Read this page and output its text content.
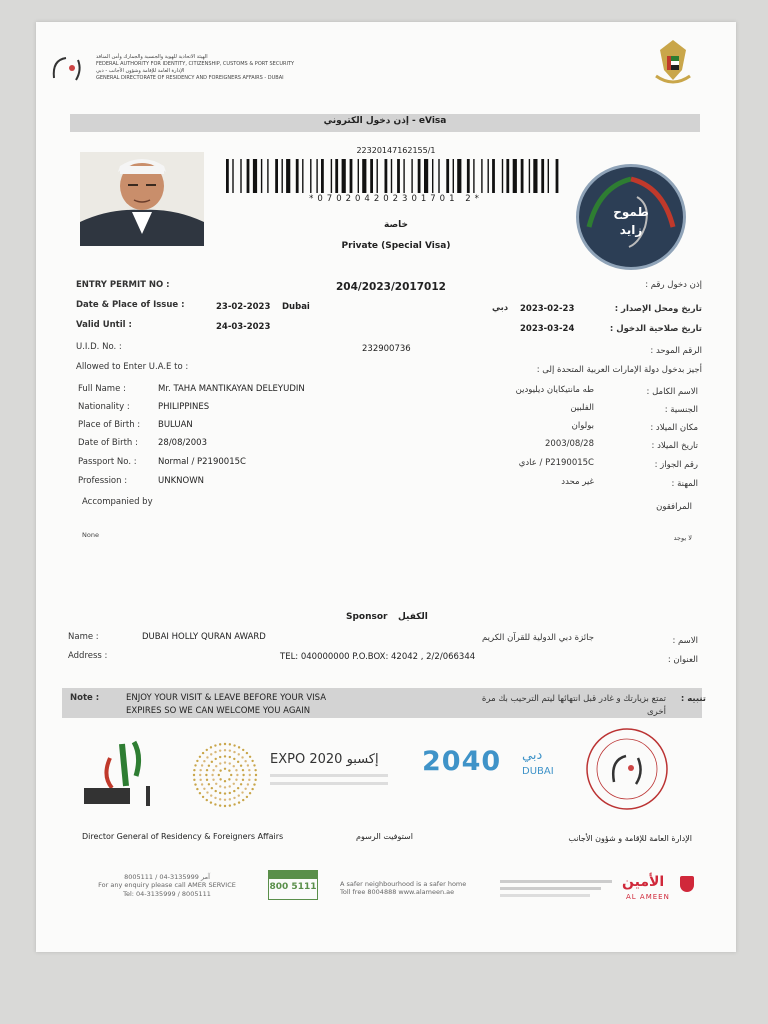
الهيئة الاتحادية للهوية والجنسية والجمارك وأمن المنافذ
FEDERAL AUTHORITY FOR IDENTITY, CITIZENSHIP, CUSTOMS & PORT SECURITY
الإدارة العامة للإقامة وشؤون الأجانب - دبي
GENERAL DIRECTORATE OF RESIDENCY AND FOREIGNERS AFFAIRS - DUBAI
إذن دخول الكتروني - eVisa
22320147162155/1
*070204202301701 2*
طموح
زايد
خاصة
Private (Special Visa)
ENTRY PERMIT NO :	204/2023/2017012	إذن دخول رقم :
Date & Place of Issue :	23-02-2023 Dubai	دبي 2023-02-23	تاريخ ومحل الإصدار :
Valid Until :	24-03-2023	2023-03-24	تاريخ صلاحية الدخول :
U.I.D. No. :	232900736	الرقم الموحد :
Allowed to Enter U.A.E to :	أجيز بدخول دولة الإمارات العربية المتحدة إلى :
Accompanied by	المرافقون
None	لا يوجد
Sponsor الكفيل
Name :	DUBAI HOLLY QURAN AWARD	جائزة دبي الدولية للقرآن الكريم	الاسم :
Address :	TEL: 040000000 P.O.BOX: 42042 , 2/2/066344	العنوان :
Note :	ENJOY YOUR VISIT & LEAVE BEFORE YOUR VISA
EXPIRES SO WE CAN WELCOME YOU AGAIN
تمتع بزيارتك و غادر قبل انتهائها ليتم الترحيب بك مرة
أخرى
تنبيه :
EXPO 2020 إكسبو 2040 دبي
DUBAI
Director General of Residency & Foreigners Affairs	استوفيت الرسوم	الإدارة العامة للإقامة و شؤون الأجانب
8005111 / 04-3135999 آمر
For any enquiry please call AMER SERVICE
Tel: 04-3135999 / 8005111
800 5111	A safer neighbourhood is a safer home
Toll free 8004888 www.alameen.ae
الأمين
AL AMEEN
Full Name :	Mr. TAHA MANTIKAYAN DELEYUDIN	طه مانتيكايان ديليودين	الاسم الكامل :
Nationality :	PHILIPPINES	الفلبين	الجنسية :
Place of Birth : BULUAN	بولوان	مكان الميلاد :
Date of Birth : 28/08/2003	2003/08/28	تاريخ الميلاد :
Passport No. :	Normal / P2190015C	P2190015C / عادي	رقم الجواز :
Profession :	UNKNOWN	غير محدد	المهنة :
